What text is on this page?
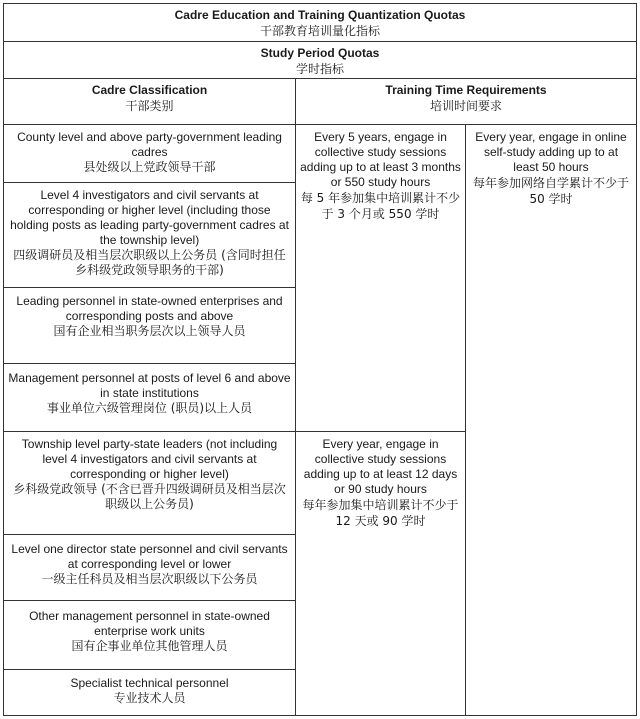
Cadre Education and Training Quantization Quotas
干部教育培训量化指标
Study Period Quotas
学时指标
Cadre Classification
干部类别
Training Time Requirements
培训时间要求
County level and above party-government leading cadres
县处级以上党政领导干部
Level 4 investigators and civil servants at corresponding or higher level (including those holding posts as leading party-government cadres at the township level)
四级调研员及相当层次职级以上公务员 (含同时担任乡科级党政领导职务的干部)
Leading personnel in state-owned enterprises and corresponding posts and above
国有企业相当职务层次以上领导人员
Management personnel at posts of level 6 and above in state institutions
事业单位六级管理岗位 (职员)以上人员
Township level party-state leaders (not including level 4 investigators and civil servants at corresponding or higher level)
乡科级党政领导 (不含已晋升四级调研员及相当层次职级以上公务员)
Level one director state personnel and civil servants at corresponding level or lower
一级主任科员及相当层次职级以下公务员
Other management personnel in state-owned enterprise work units
国有企事业单位其他管理人员
Specialist technical personnel
专业技术人员
Every 5 years, engage in collective study sessions adding up to at least 3 months or 550 study hours
每 5 年参加集中培训累计不少于 3 个月或 550 学时
Every year, engage in collective study sessions adding up to at least 12 days or 90 study hours
每年参加集中培训累计不少于 12 天或 90 学时
Every year, engage in online self-study adding up to at least 50 hours
每年参加网络自学累计不少于 50 学时
